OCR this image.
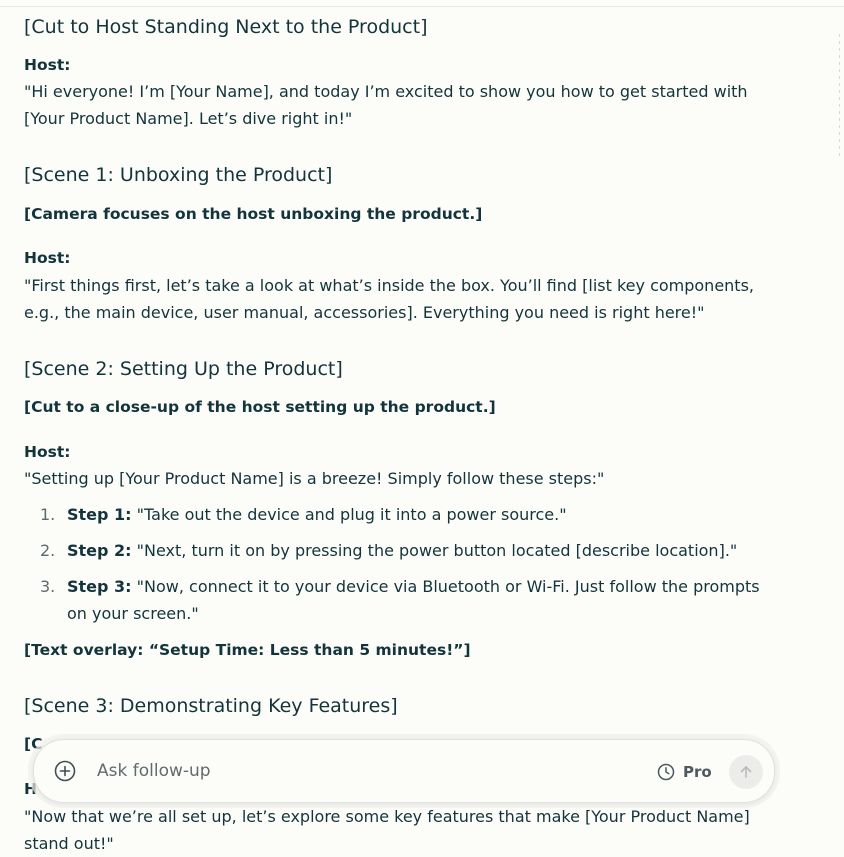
[Cut to Host Standing Next to the Product]
Host:
"Hi everyone! I’m [Your Name], and today I’m excited to show you how to get started with
[Your Product Name]. Let’s dive right in!"
[Scene 1: Unboxing the Product]
[Camera focuses on the host unboxing the product.]
Host:
"First things first, let’s take a look at what’s inside the box. You’ll find [list key components,
e.g., the main device, user manual, accessories]. Everything you need is right here!"
[Scene 2: Setting Up the Product]
[Cut to a close-up of the host setting up the product.]
Host:
"Setting up [Your Product Name] is a breeze! Simply follow these steps:"
1. Step 1: "Take out the device and plug it into a power source."
2. Step 2: "Next, turn it on by pressing the power button located [describe location]."
3. Step 3: "Now, connect it to your device via Bluetooth or Wi-Fi. Just follow the prompts
on your screen."
[Text overlay: “Setup Time: Less than 5 minutes!”]
[Scene 3: Demonstrating Key Features]
[C
H
"Now that we’re all set up, let’s explore some key features that make [Your Product Name]
stand out!"
Ask follow-up	Pro
